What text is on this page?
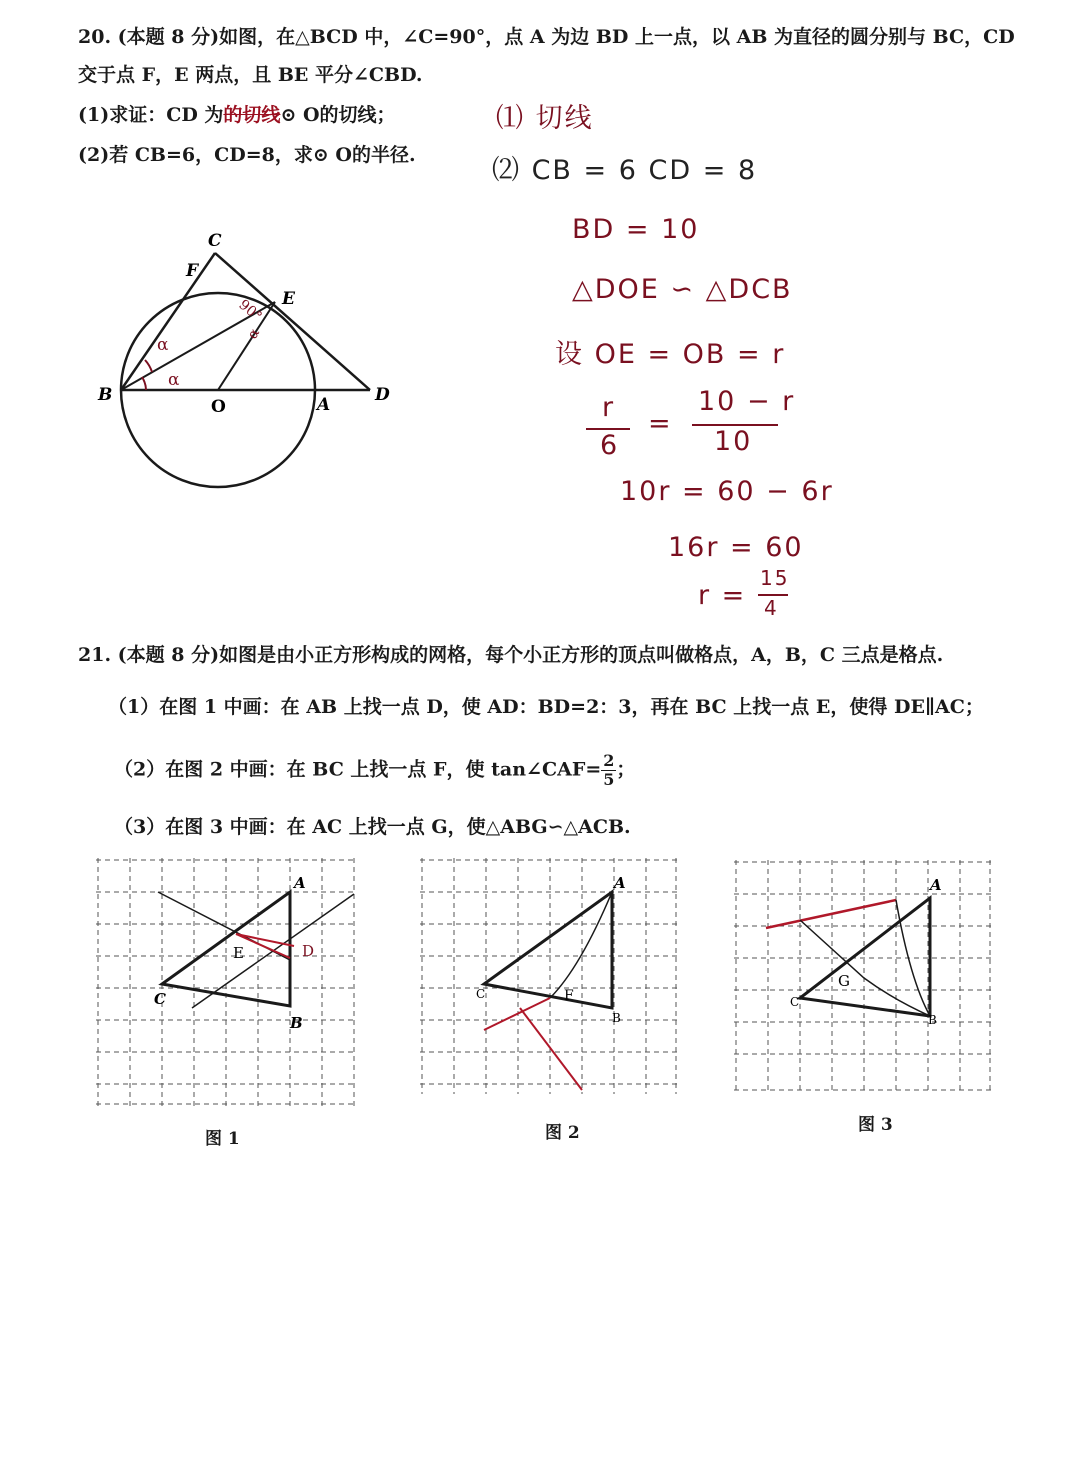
20. (本题 8 分)如图，在△BCD 中，∠C=90°，点 A 为边 BD 上一点，以 AB 为直径的圆分别与 BC，CD
交于点 F，E 两点，且 BE 平分∠CBD.
(1)求证：CD 为的切线⊙ O的切线；
(2)若 CB=6，CD=8，求⊙ O的半径.
α
α
α
90°
C
F
E
B
O	A	D
⑴ 切线
⑵ CB = 6 CD = 8
BD = 10
△DOE ∽ △DCB
设 OE = OB = r
r
6
=
10 − r
10
10r = 60 − 6r
16r = 60
r =
15
4
21. (本题 8 分)如图是由小正方形构成的网格，每个小正方形的顶点叫做格点，A，B，C 三点是格点.
（1）在图 1 中画：在 AB 上找一点 D，使 AD：BD=2：3，再在 BC 上找一点 E，使得 DE∥AC；
（2）在图 2 中画：在 BC 上找一点 F，使 tan∠CAF= $\frac{2}{5}$ ；
（3）在图 3 中画：在 AC 上找一点 G，使△ABG∽△ACB.
A
B
C
E	D
图 1
A
B
C	F
图 2
A
B
C
G
图 3
